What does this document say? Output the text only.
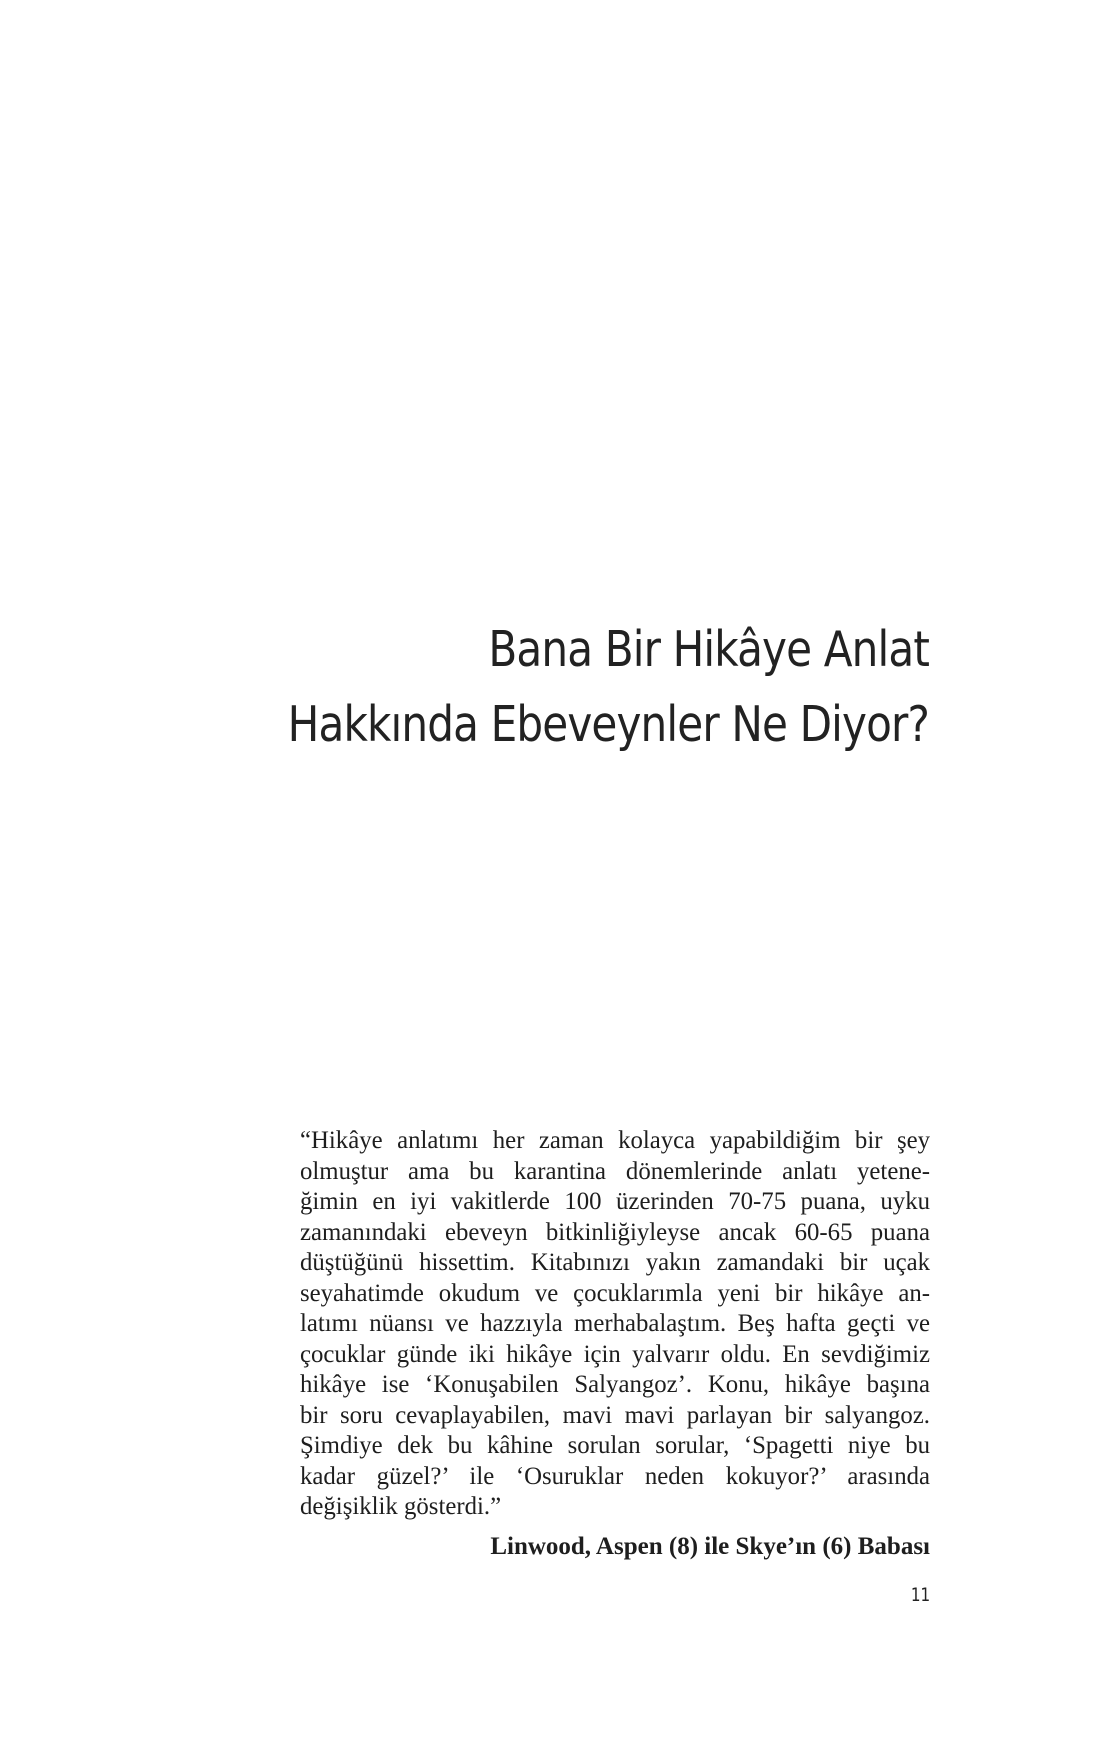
Bana Bir Hikâye Anlat
Hakkında Ebeveynler Ne Diyor?
“Hikâye anlatımı her zaman kolayca yapabildiğim bir şey
olmuştur ama bu karantina dönemlerinde anlatı yetene-
ğimin en iyi vakitlerde 100 üzerinden 70-75 puana, uyku
zamanındaki ebeveyn bitkinliğiyleyse ancak 60-65 puana
düştüğünü hissettim. Kitabınızı yakın zamandaki bir uçak
seyahatimde okudum ve çocuklarımla yeni bir hikâye an-
latımı nüansı ve hazzıyla merhabalaştım. Beş hafta geçti ve
çocuklar günde iki hikâye için yalvarır oldu. En sevdiğimiz
hikâye ise ‘Konuşabilen Salyangoz’. Konu, hikâye başına
bir soru cevaplayabilen, mavi mavi parlayan bir salyangoz.
Şimdiye dek bu kâhine sorulan sorular, ‘Spagetti niye bu
kadar güzel?’ ile ‘Osuruklar neden kokuyor?’ arasında
değişiklik gösterdi.”

Linwood, Aspen (8) ile Skye’ın (6) Babası

11
